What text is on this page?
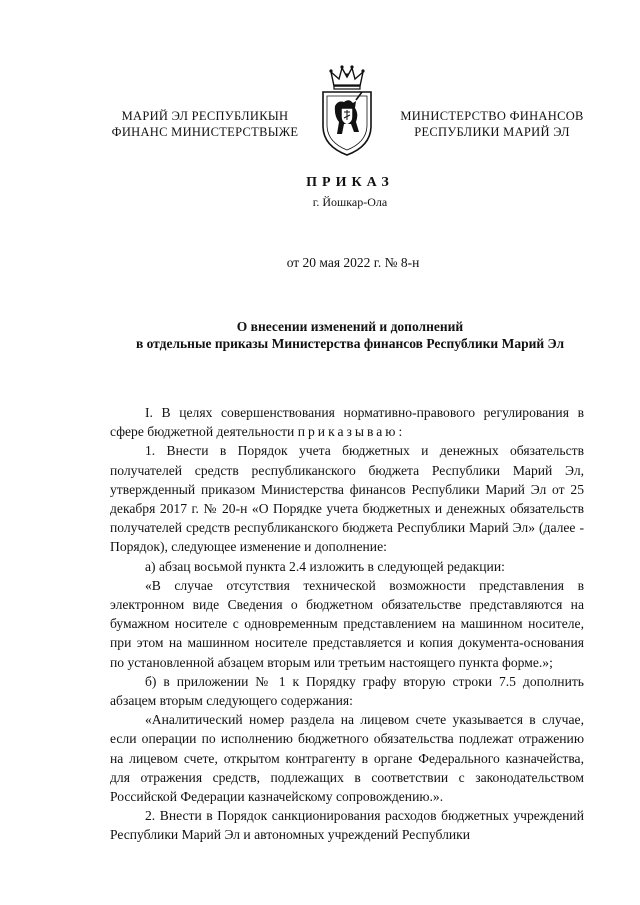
МАРИЙ ЭЛ РЕСПУБЛИКЫН
ФИНАНС МИНИСТЕРСТВЫЖЕ
МИНИСТЕРСТВО ФИНАНСОВ
РЕСПУБЛИКИ МАРИЙ ЭЛ
ПРИКАЗ
г. Йошкар-Ола
от 20 мая 2022 г. № 8-н
О внесении изменений и дополнений
в отдельные приказы Министерства финансов Республики Марий Эл

I. В целях совершенствования нормативно-правового регулирования в сфере бюджетной деятельности приказываю:

1. Внести в Порядок учета бюджетных и денежных обязательств получателей средств республиканского бюджета Республики Марий Эл, утвержденный приказом Министерства финансов Республики Марий Эл от 25 декабря 2017 г. № 20-н «О Порядке учета бюджетных и денежных обязательств получателей средств республиканского бюджета Республики Марий Эл» (далее - Порядок), следующее изменение и дополнение:

а) абзац восьмой пункта 2.4 изложить в следующей редакции:

«В случае отсутствия технической возможности представления в электронном виде Сведения о бюджетном обязательстве представляются на бумажном носителе с одновременным представлением на машинном носителе, при этом на машинном носителе представляется и копия документа-основания по установленной абзацем вторым или третьим настоящего пункта форме.»;

б) в приложении № 1 к Порядку графу вторую строки 7.5 дополнить абзацем вторым следующего содержания:

«Аналитический номер раздела на лицевом счете указывается в случае, если операции по исполнению бюджетного обязательства подлежат отражению на лицевом счете, открытом контрагенту в органе Федерального казначейства, для отражения средств, подлежащих в соответствии с законодательством Российской Федерации казначейскому сопровождению.».

2. Внести в Порядок санкционирования расходов бюджетных учреждений Республики Марий Эл и автономных учреждений Республики
